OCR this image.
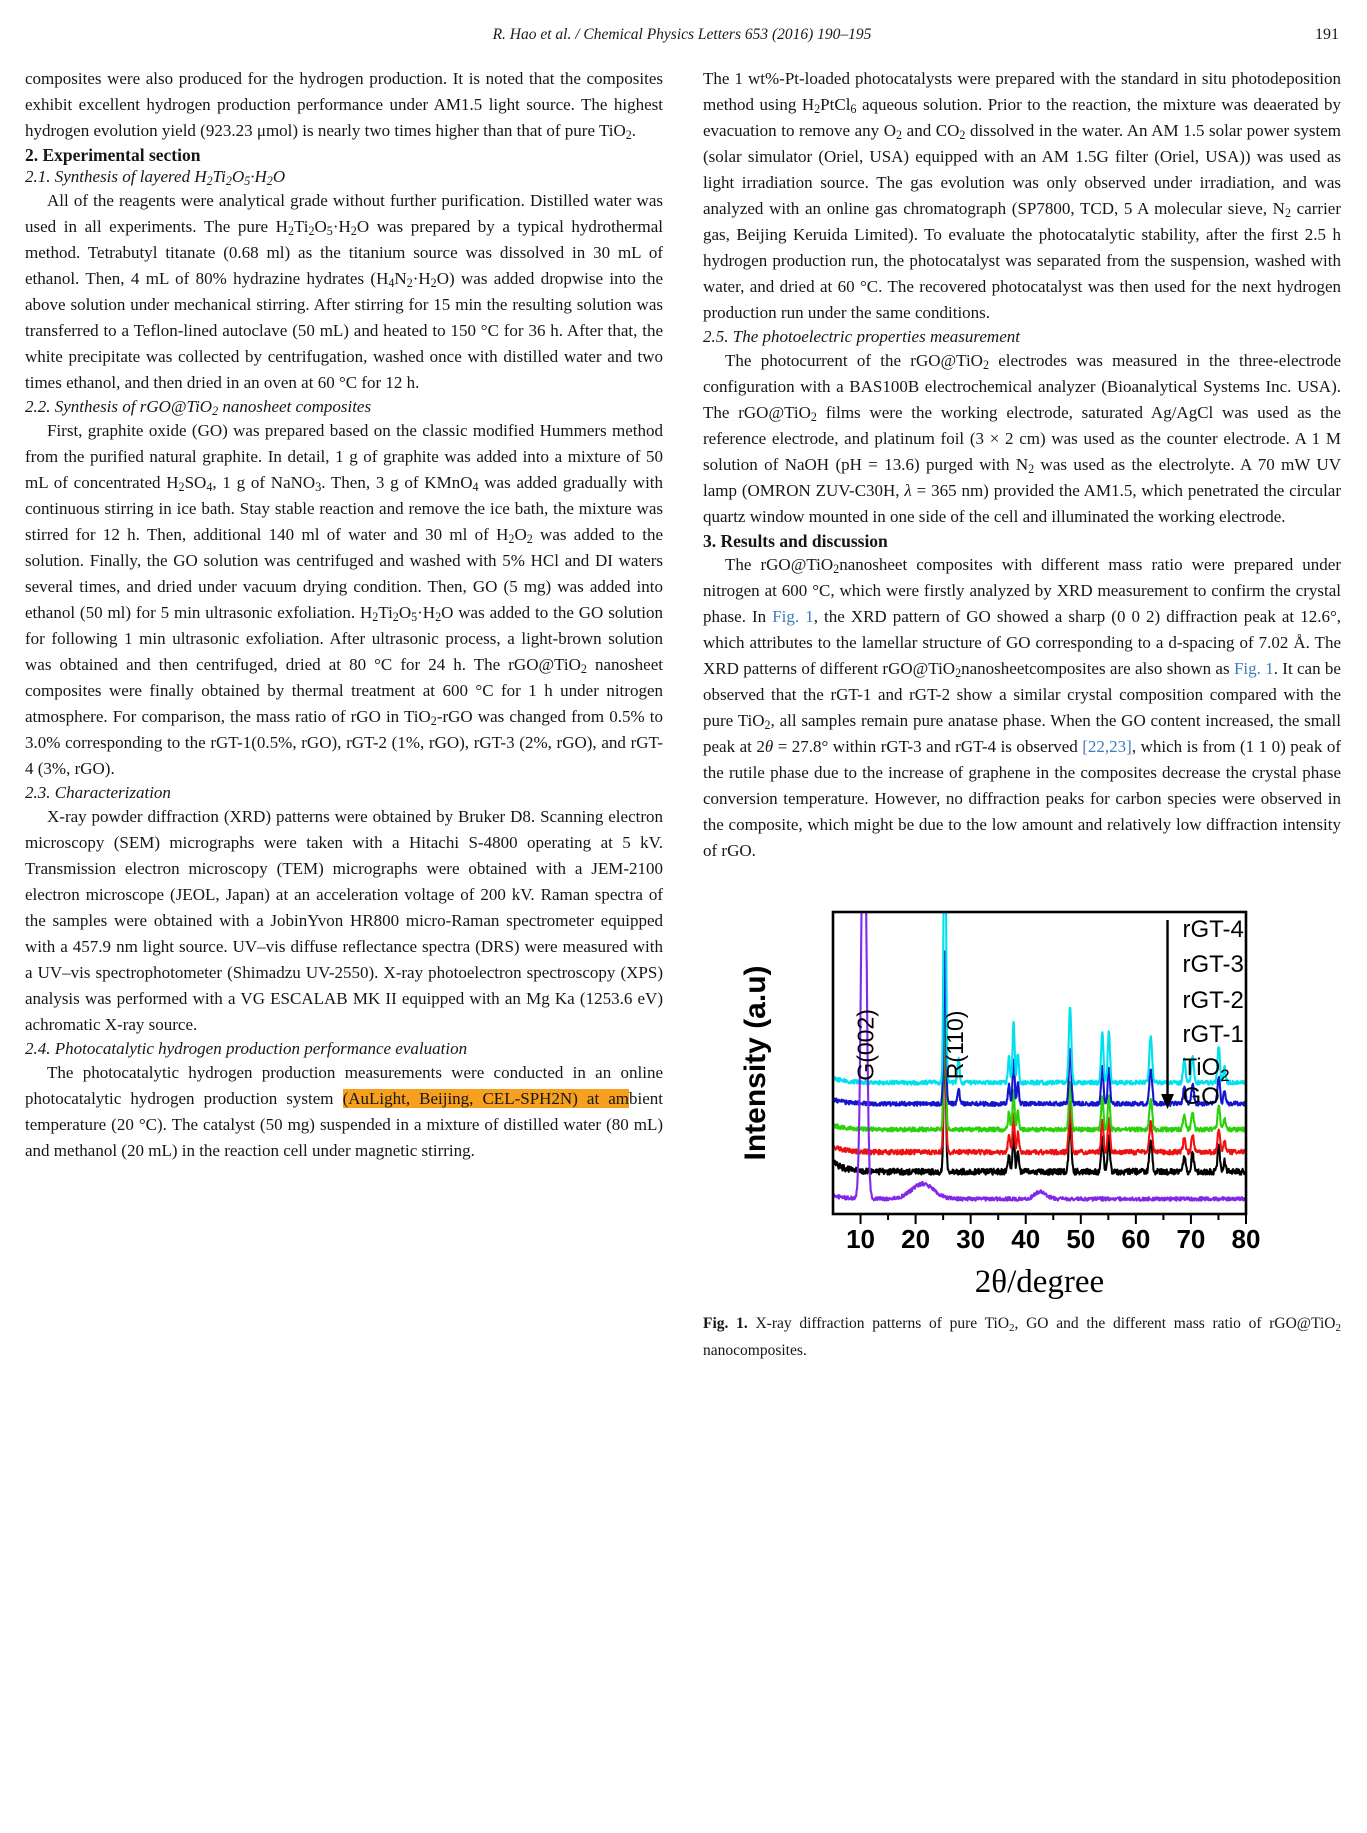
R. Hao et al. / Chemical Physics Letters 653 (2016) 190–195	191

composites were also produced for the hydrogen production. It is noted that the composites exhibit excellent hydrogen production performance under AM1.5 light source. The highest hydrogen evolution yield (923.23 μmol) is nearly two times higher than that of pure TiO2.

2. Experimental section

2.1. Synthesis of layered H2Ti2O5·H2O

All of the reagents were analytical grade without further purification. Distilled water was used in all experiments. The pure H2Ti2O5·H2O was prepared by a typical hydrothermal method. Tetrabutyl titanate (0.68 ml) as the titanium source was dissolved in 30 mL of ethanol. Then, 4 mL of 80% hydrazine hydrates (H4N2·H2O) was added dropwise into the above solution under mechanical stirring. After stirring for 15 min the resulting solution was transferred to a Teflon-lined autoclave (50 mL) and heated to 150 °C for 36 h. After that, the white precipitate was collected by centrifugation, washed once with distilled water and two times ethanol, and then dried in an oven at 60 °C for 12 h.

2.2. Synthesis of rGO@TiO2 nanosheet composites

First, graphite oxide (GO) was prepared based on the classic modified Hummers method from the purified natural graphite. In detail, 1 g of graphite was added into a mixture of 50 mL of concentrated H2SO4, 1 g of NaNO3. Then, 3 g of KMnO4 was added gradually with continuous stirring in ice bath. Stay stable reaction and remove the ice bath, the mixture was stirred for 12 h. Then, additional 140 ml of water and 30 ml of H2O2 was added to the solution. Finally, the GO solution was centrifuged and washed with 5% HCl and DI waters several times, and dried under vacuum drying condition. Then, GO (5 mg) was added into ethanol (50 ml) for 5 min ultrasonic exfoliation. H2Ti2O5·H2O was added to the GO solution for following 1 min ultrasonic exfoliation. After ultrasonic process, a light-brown solution was obtained and then centrifuged, dried at 80 °C for 24 h. The rGO@TiO2 nanosheet composites were finally obtained by thermal treatment at 600 °C for 1 h under nitrogen atmosphere. For comparison, the mass ratio of rGO in TiO2-rGO was changed from 0.5% to 3.0% corresponding to the rGT-1(0.5%, rGO), rGT-2 (1%, rGO), rGT-3 (2%, rGO), and rGT-4 (3%, rGO).

2.3. Characterization

X-ray powder diffraction (XRD) patterns were obtained by Bruker D8. Scanning electron microscopy (SEM) micrographs were taken with a Hitachi S-4800 operating at 5 kV. Transmission electron microscopy (TEM) micrographs were obtained with a JEM-2100 electron microscope (JEOL, Japan) at an acceleration voltage of 200 kV. Raman spectra of the samples were obtained with a JobinYvon HR800 micro-Raman spectrometer equipped with a 457.9 nm light source. UV–vis diffuse reflectance spectra (DRS) were measured with a UV–vis spectrophotometer (Shimadzu UV-2550). X-ray photoelectron spectroscopy (XPS) analysis was performed with a VG ESCALAB MK II equipped with an Mg Ka (1253.6 eV) achromatic X-ray source.

2.4. Photocatalytic hydrogen production performance evaluation

The photocatalytic hydrogen production measurements were conducted in an online photocatalytic hydrogen production system (AuLight, Beijing, CEL-SPH2N) at ambient temperature (20 °C). The catalyst (50 mg) suspended in a mixture of distilled water (80 mL) and methanol (20 mL) in the reaction cell under magnetic stirring.

The 1 wt%-Pt-loaded photocatalysts were prepared with the standard in situ photodeposition method using H2PtCl6 aqueous solution. Prior to the reaction, the mixture was deaerated by evacuation to remove any O2 and CO2 dissolved in the water. An AM 1.5 solar power system (solar simulator (Oriel, USA) equipped with an AM 1.5G filter (Oriel, USA)) was used as light irradiation source. The gas evolution was only observed under irradiation, and was analyzed with an online gas chromatograph (SP7800, TCD, 5 A molecular sieve, N2 carrier gas, Beijing Keruida Limited). To evaluate the photocatalytic stability, after the first 2.5 h hydrogen production run, the photocatalyst was separated from the suspension, washed with water, and dried at 60 °C. The recovered photocatalyst was then used for the next hydrogen production run under the same conditions.

2.5. The photoelectric properties measurement

The photocurrent of the rGO@TiO2 electrodes was measured in the three-electrode configuration with a BAS100B electrochemical analyzer (Bioanalytical Systems Inc. USA). The rGO@TiO2 films were the working electrode, saturated Ag/AgCl was used as the reference electrode, and platinum foil (3 × 2 cm) was used as the counter electrode. A 1 M solution of NaOH (pH = 13.6) purged with N2 was used as the electrolyte. A 70 mW UV lamp (OMRON ZUV-C30H, λ = 365 nm) provided the AM1.5, which penetrated the circular quartz window mounted in one side of the cell and illuminated the working electrode.

3. Results and discussion

The rGO@TiO2nanosheet composites with different mass ratio were prepared under nitrogen at 600 °C, which were firstly analyzed by XRD measurement to confirm the crystal phase. In Fig. 1, the XRD pattern of GO showed a sharp (0 0 2) diffraction peak at 12.6°, which attributes to the lamellar structure of GO corresponding to a d-spacing of 7.02 Å. The XRD patterns of different rGO@TiO2nanosheetcomposites are also shown as Fig. 1. It can be observed that the rGT-1 and rGT-2 show a similar crystal composition compared with the pure TiO2, all samples remain pure anatase phase. When the GO content increased, the small peak at 2θ = 27.8° within rGT-3 and rGT-4 is observed [22,23], which is from (1 1 0) peak of the rutile phase due to the increase of graphene in the composites decrease the crystal phase conversion temperature. However, no diffraction peaks for carbon species were observed in the composite, which might be due to the low amount and relatively low diffraction intensity of rGO.

10 20 30 40 50 60 70 80
2θ/degree
Intensity (a.u)	G(002)	R(110)
rGT-4
rGT-3
rGT-2
rGT-1
TiO$_2$
GO
Fig. 1. X-ray diffraction patterns of pure TiO2, GO and the different mass ratio of rGO@TiO2 nanocomposites.
